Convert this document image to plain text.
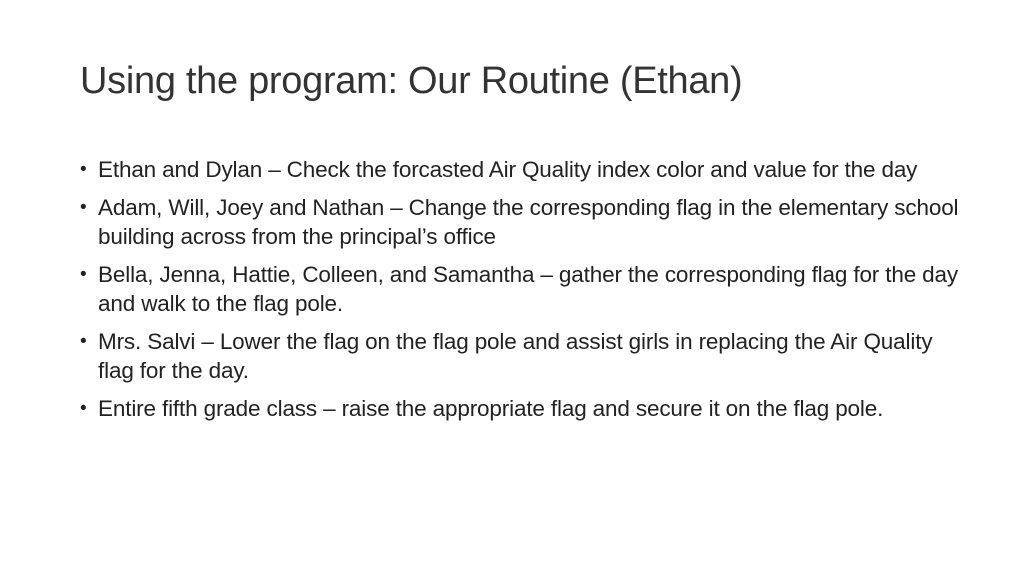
Using the program: Our Routine (Ethan)
• Ethan and Dylan – Check the forcasted Air Quality index color and value for the day
• Adam, Will, Joey and Nathan – Change the corresponding flag in the elementary school building across from the principal’s office
• Bella, Jenna, Hattie, Colleen, and Samantha – gather the corresponding flag for the day and walk to the flag pole.
• Mrs. Salvi – Lower the flag on the flag pole and assist girls in replacing the Air Quality flag for the day.
• Entire fifth grade class – raise the appropriate flag and secure it on the flag pole.
